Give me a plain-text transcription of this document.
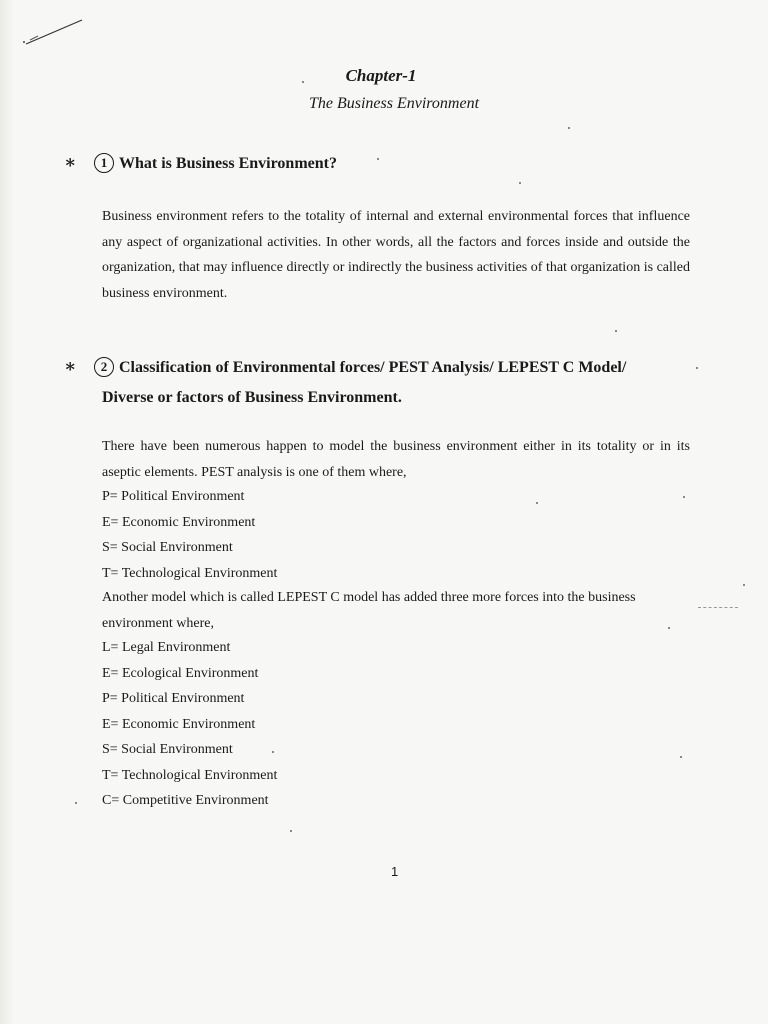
Chapter-1
The Business Environment
∗ 1 What is Business Environment?
Business environment refers to the totality of internal and external environmental forces that influence any aspect of organizational activities. In other words, all the factors and forces inside and outside the organization, that may influence directly or indirectly the business activities of that organization is called business environment.
∗ 2 Classification of Environmental forces/ PEST Analysis/ LEPEST C Model/
Diverse or factors of Business Environment.
There have been numerous happen to model the business environment either in its totality or in its aseptic elements. PEST analysis is one of them where,
P= Political Environment
E= Economic Environment
S= Social Environment
T= Technological Environment
Another model which is called LEPEST C model has added three more forces into the business environment where,
L= Legal Environment
E= Ecological Environment
P= Political Environment
E= Economic Environment
S= Social Environment
T= Technological Environment
C= Competitive Environment
1
